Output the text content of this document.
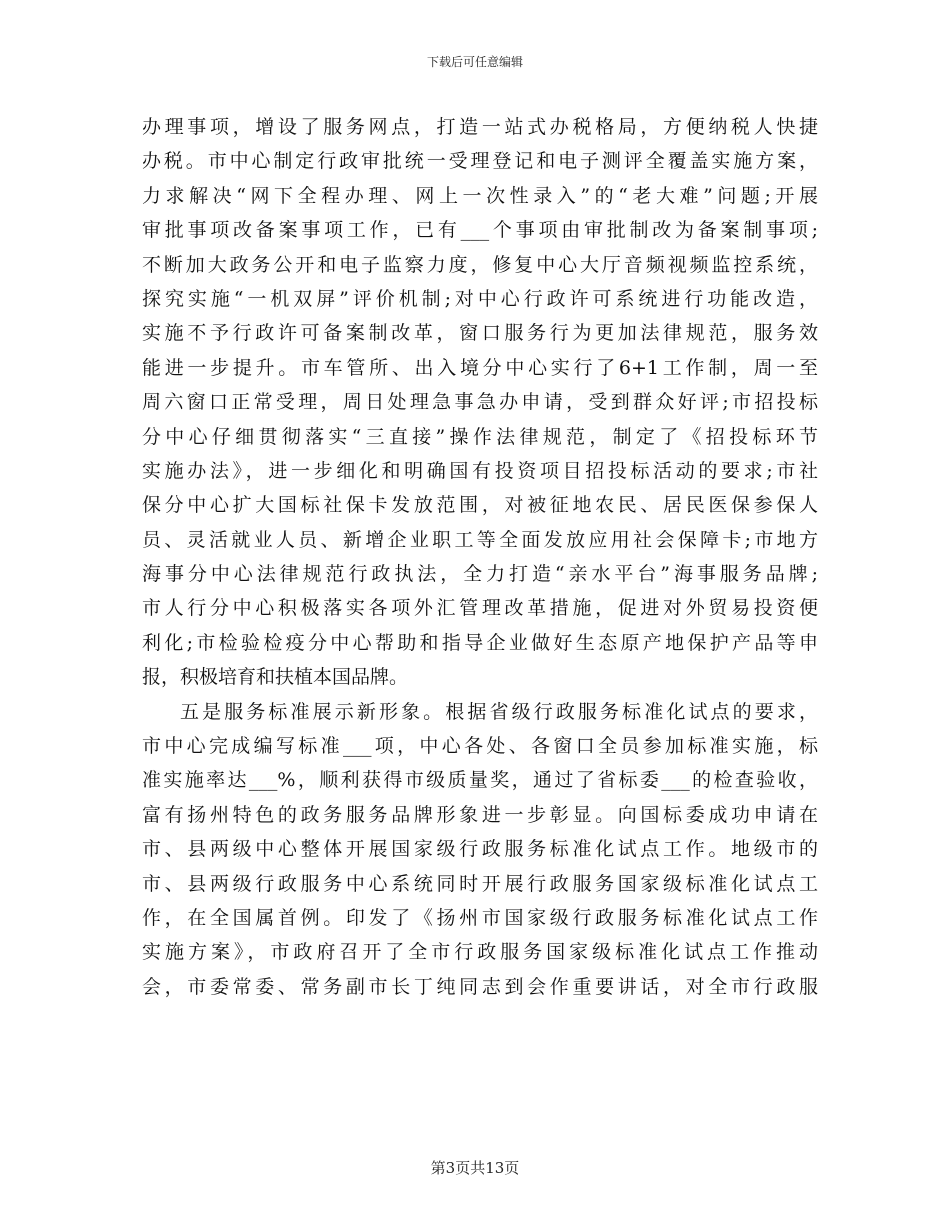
下载后可任意编辑
办理事项，增设了服务网点，打造一站式办税格局，方便纳税人快捷
办税。市中心制定行政审批统一受理登记和电子测评全覆盖实施方案，
力求解决“网下全程办理、网上一次性录入”的“老大难”问题;开展
审批事项改备案事项工作，已有___个事项由审批制改为备案制事项;
不断加大政务公开和电子监察力度，修复中心大厅音频视频监控系统，
探究实施“一机双屏”评价机制;对中心行政许可系统进行功能改造，
实施不予行政许可备案制改革，窗口服务行为更加法律规范，服务效
能进一步提升。市车管所、出入境分中心实行了6+1工作制，周一至
周六窗口正常受理，周日处理急事急办申请，受到群众好评;市招投标
分中心仔细贯彻落实“三直接”操作法律规范，制定了《招投标环节
实施办法》，进一步细化和明确国有投资项目招投标活动的要求;市社
保分中心扩大国标社保卡发放范围，对被征地农民、居民医保参保人
员、灵活就业人员、新增企业职工等全面发放应用社会保障卡;市地方
海事分中心法律规范行政执法，全力打造“亲水平台”海事服务品牌;
市人行分中心积极落实各项外汇管理改革措施，促进对外贸易投资便
利化;市检验检疫分中心帮助和指导企业做好生态原产地保护产品等申
报，积极培育和扶植本国品牌。
五是服务标准展示新形象。根据省级行政服务标准化试点的要求，
市中心完成编写标准___项，中心各处、各窗口全员参加标准实施，标
准实施率达___%，顺利获得市级质量奖，通过了省标委___的检查验收，
富有扬州特色的政务服务品牌形象进一步彰显。向国标委成功申请在
市、县两级中心整体开展国家级行政服务标准化试点工作。地级市的
市、县两级行政服务中心系统同时开展行政服务国家级标准化试点工
作，在全国属首例。印发了《扬州市国家级行政服务标准化试点工作
实施方案》，市政府召开了全市行政服务国家级标准化试点工作推动
会，市委常委、常务副市长丁纯同志到会作重要讲话，对全市行政服
第3页共13页
